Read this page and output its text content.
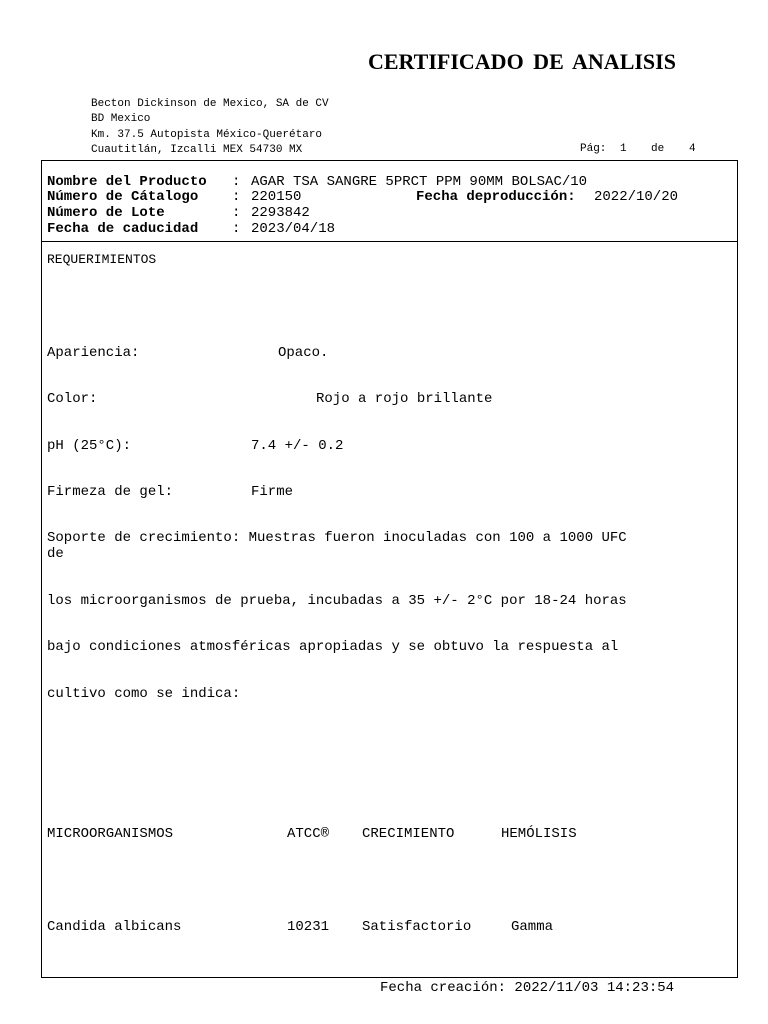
CERTIFICADO DE ANALISIS
Becton Dickinson de Mexico, SA de CV
BD Mexico
Km. 37.5 Autopista México-Querétaro
Cuautitlán, Izcalli MEX 54730 MX	Pág: 1 de 4
Nombre del Producto : AGAR TSA SANGRE 5PRCT PPM 90MM BOLSAC/10
Número de Cátalogo : 220150	Fecha deproducción: 2022/10/20
Número de Lote	: 2293842
Fecha de caducidad : 2023/04/18
REQUERIMIENTOS
Apariencia:	Opaco.
Color:	Rojo a rojo brillante
pH (25°C):	7.4 +/- 0.2
Firmeza de gel:	Firme
Soporte de crecimiento: Muestras fueron inoculadas con 100 a 1000 UFC
de
los microorganismos de prueba, incubadas a 35 +/- 2°C por 18-24 horas
bajo condiciones atmosféricas apropiadas y se obtuvo la respuesta al
cultivo como se indica:
MICROORGANISMOS	ATCC® CRECIMIENTO	HEMÓLISIS
Candida albicans	10231 Satisfactorio	Gamma
Fecha creación: 2022/11/03 14:23:54
